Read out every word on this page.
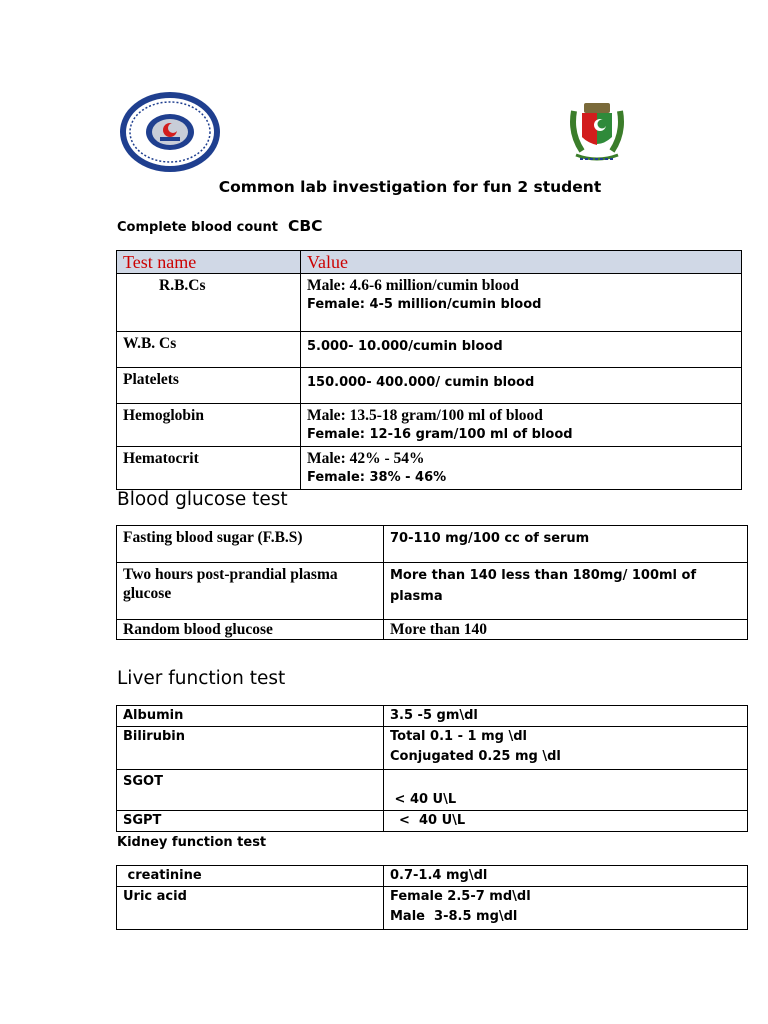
Common lab investigation for fun 2 student
Complete blood count CBC
Test name	Value
R.B.Cs	Male: 4.6-6 million/cumin blood
Female: 4-5 million/cumin blood

W.B. Cs	5.000- 10.000/cumin blood
Platelets	150.000- 400.000/ cumin blood
Hemoglobin	Male: 13.5-18 gram/100 ml of blood
Female: 12-16 gram/100 ml of blood

Hematocrit	Male: 42% - 54%
Female: 38% - 46%
Blood glucose test
Fasting blood sugar (F.B.S)	70-110 mg/100 cc of serum
Two hours post-prandial plasma glucose	More than 140 less than 180mg/ 100ml of plasma
Random blood glucose	More than 140
Liver function test
Albumin	3.5 -5 gm\dl
Bilirubin	Total 0.1 - 1 mg \dl
Conjugated 0.25 mg \dl

SGOT	< 40 U\L

SGPT	<  40 U\L
Kidney function test
creatinine	0.7-1.4 mg\dl
Uric acid	Female 2.5-7 md\dl
Male  3-8.5 mg\dl
